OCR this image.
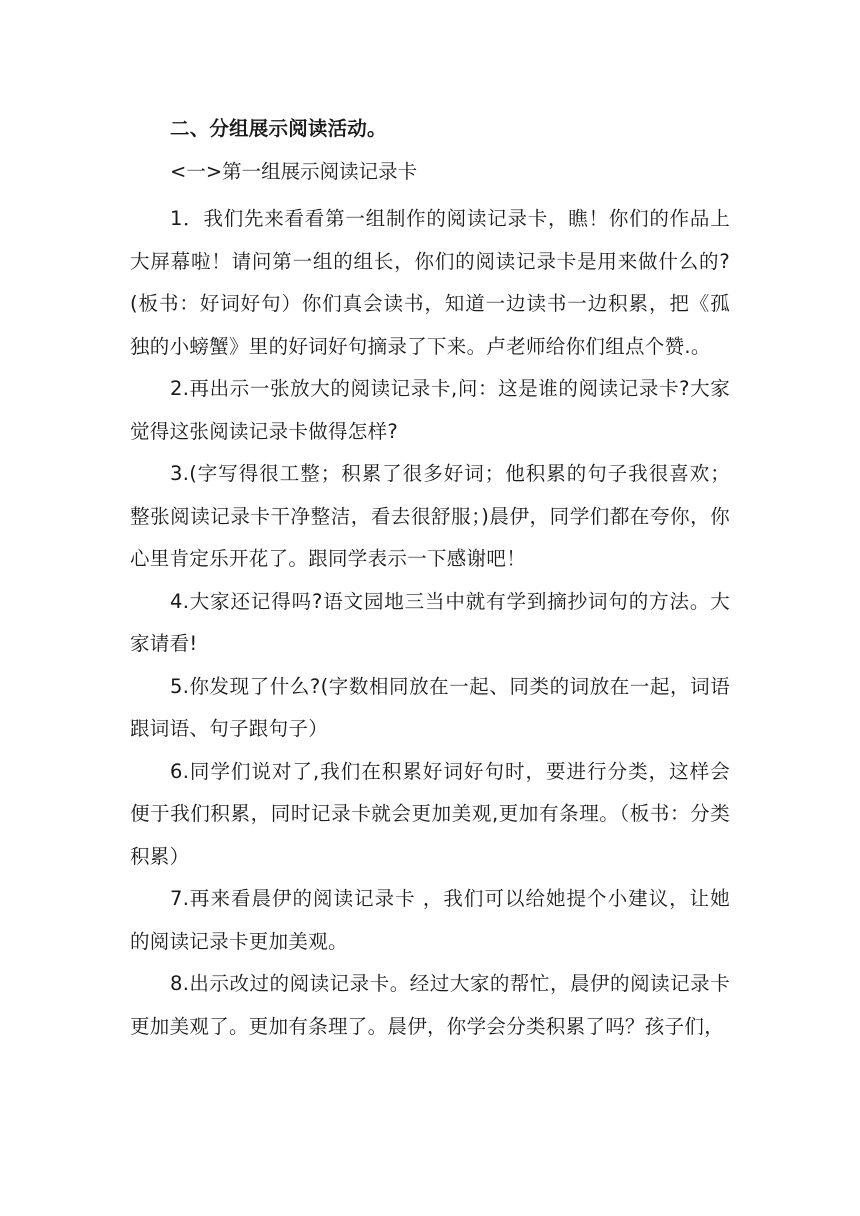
二、分组展示阅读活动。

<一>第一组展示阅读记录卡

1．我们先来看看第一组制作的阅读记录卡，瞧！你们的作品上大屏幕啦！请问第一组的组长，你们的阅读记录卡是用来做什么的?(板书：好词好句）你们真会读书，知道一边读书一边积累，把《孤独的小螃蟹》里的好词好句摘录了下来。卢老师给你们组点个赞.。

2.再出示一张放大的阅读记录卡,问：这是谁的阅读记录卡?大家觉得这张阅读记录卡做得怎样?

3.(字写得很工整；积累了很多好词；他积累的句子我很喜欢；整张阅读记录卡干净整洁，看去很舒服；)晨伊，同学们都在夸你，你心里肯定乐开花了。跟同学表示一下感谢吧！

4.大家还记得吗?语文园地三当中就有学到摘抄词句的方法。大家请看!

5.你发现了什么?(字数相同放在一起、同类的词放在一起，词语跟词语、句子跟句子）

6.同学们说对了,我们在积累好词好句时，要进行分类，这样会便于我们积累，同时记录卡就会更加美观,更加有条理。（板书：分类积累）

7.再来看晨伊的阅读记录卡 ，我们可以给她提个小建议，让她的阅读记录卡更加美观。

8.出示改过的阅读记录卡。经过大家的帮忙，晨伊的阅读记录卡更加美观了。更加有条理了。晨伊，你学会分类积累了吗？孩子们，
